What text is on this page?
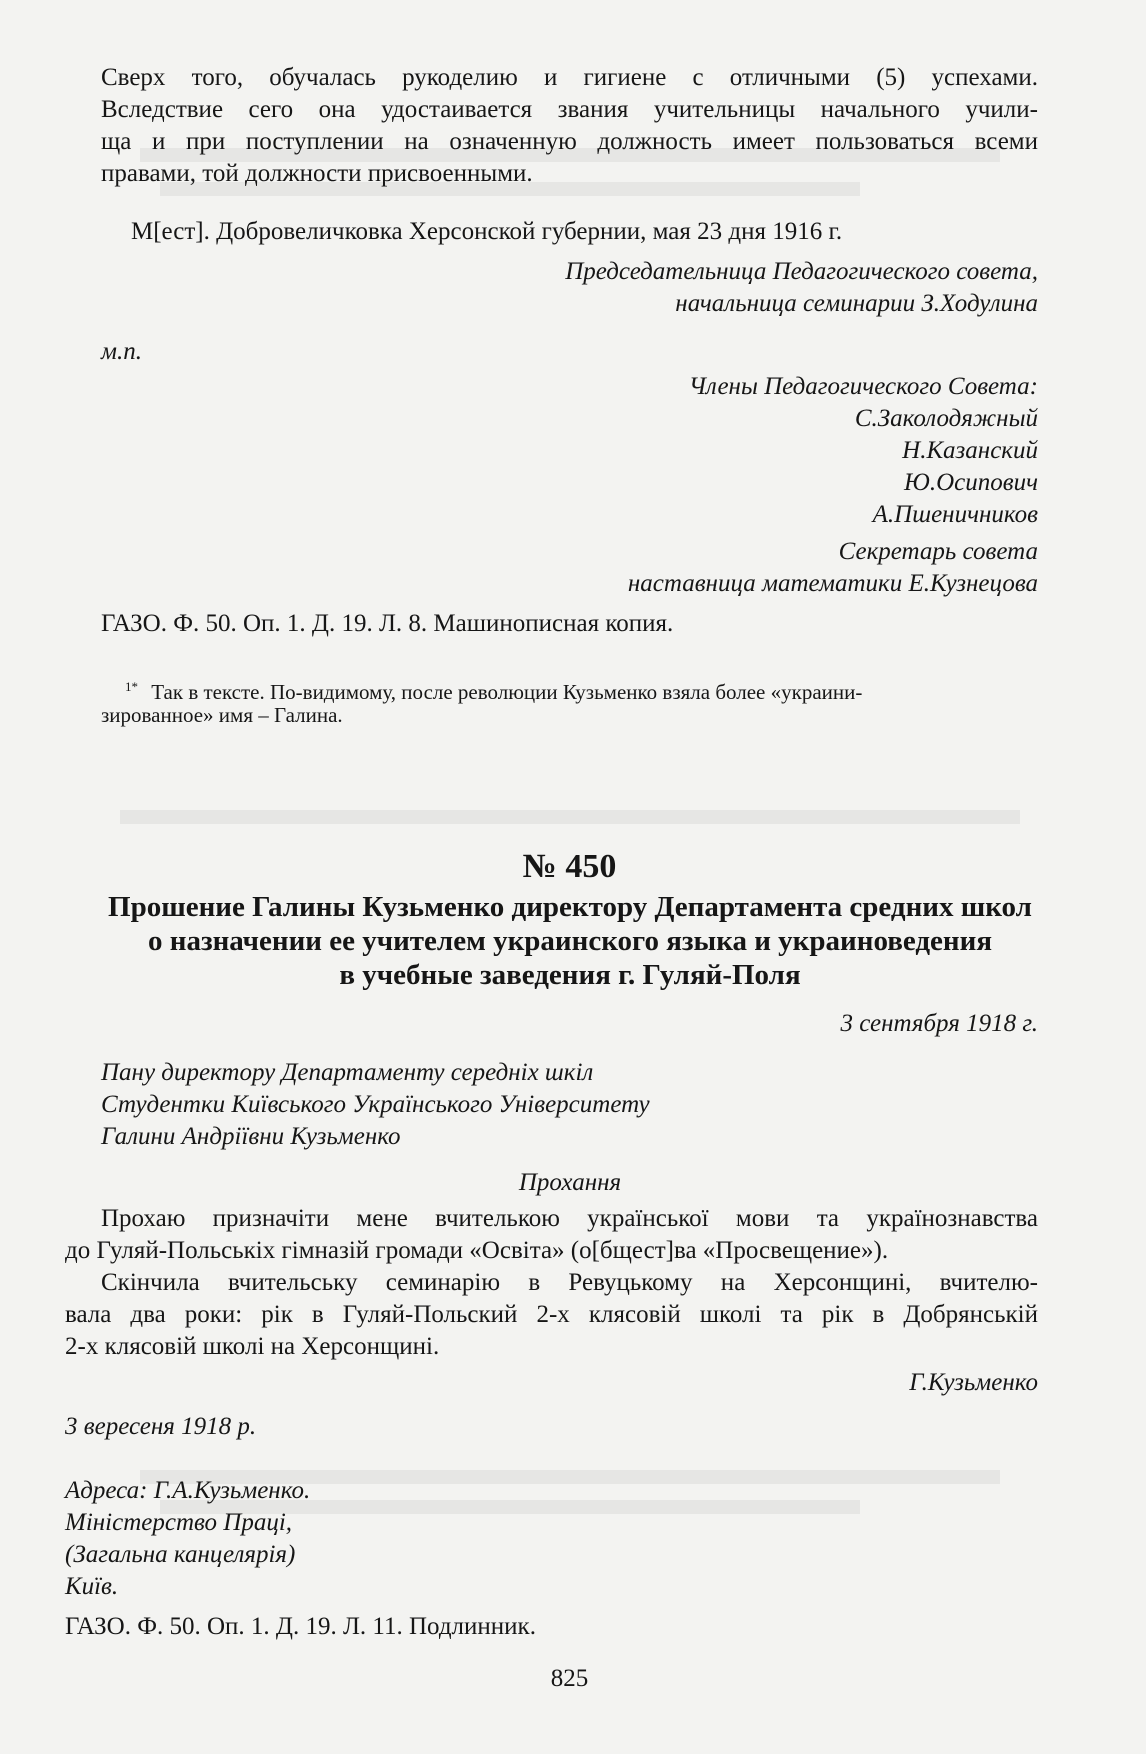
Сверх того, обучалась рукоделию и гигиене с отличными (5) успехами.
Вследствие сего она удостаивается звания учительницы начального учили-
ща и при поступлении на означенную должность имеет пользоваться всеми
правами, той должности присвоенными.
М[ест]. Добровеличковка Херсонской губернии, мая 23 дня 1916 г.
Председательница Педагогического совета,
начальница семинарии З.Ходулина
м.п.
Члены Педагогического Совета:
С.Заколодяжный
Н.Казанский
Ю.Осипович
А.Пшеничников
Секретарь совета
наставница математики Е.Кузнецова
ГАЗО. Ф. 50. Оп. 1. Д. 19. Л. 8. Машинописная копия.
$^{1*}$ Так в тексте. По-видимому, после революции Кузьменко взяла более «украини-
зированное» имя – Галина.
№ 450
Прошение Галины Кузьменко директору Департамента средних школ
о назначении ее учителем украинского языка и украиноведения
в учебные заведения г. Гуляй-Поля
3 сентября 1918 г.
Пану директору Департаменту середніх шкіл
Студентки Київського Українського Університету
Галини Андріївни Кузьменко
Прохання
Прохаю призначіти мене вчителькою української мови та українознавства
до Гуляй-Польськіх гімназій громади «Освіта» (о[бщест]ва «Просвещение»).
Скінчила вчительську семинарію в Ревуцькому на Херсонщині, вчителю-
вала два роки: рік в Гуляй-Польский 2-х клясовій школі та рік в Добрянській
2-х клясовій школі на Херсонщині.
Г.Кузьменко
3 вересеня 1918 р.
Адреса: Г.А.Кузьменко.
Міністерство Праці,
(Загальна канцелярія)
Київ.
ГАЗО. Ф. 50. Оп. 1. Д. 19. Л. 11. Подлинник.
825
